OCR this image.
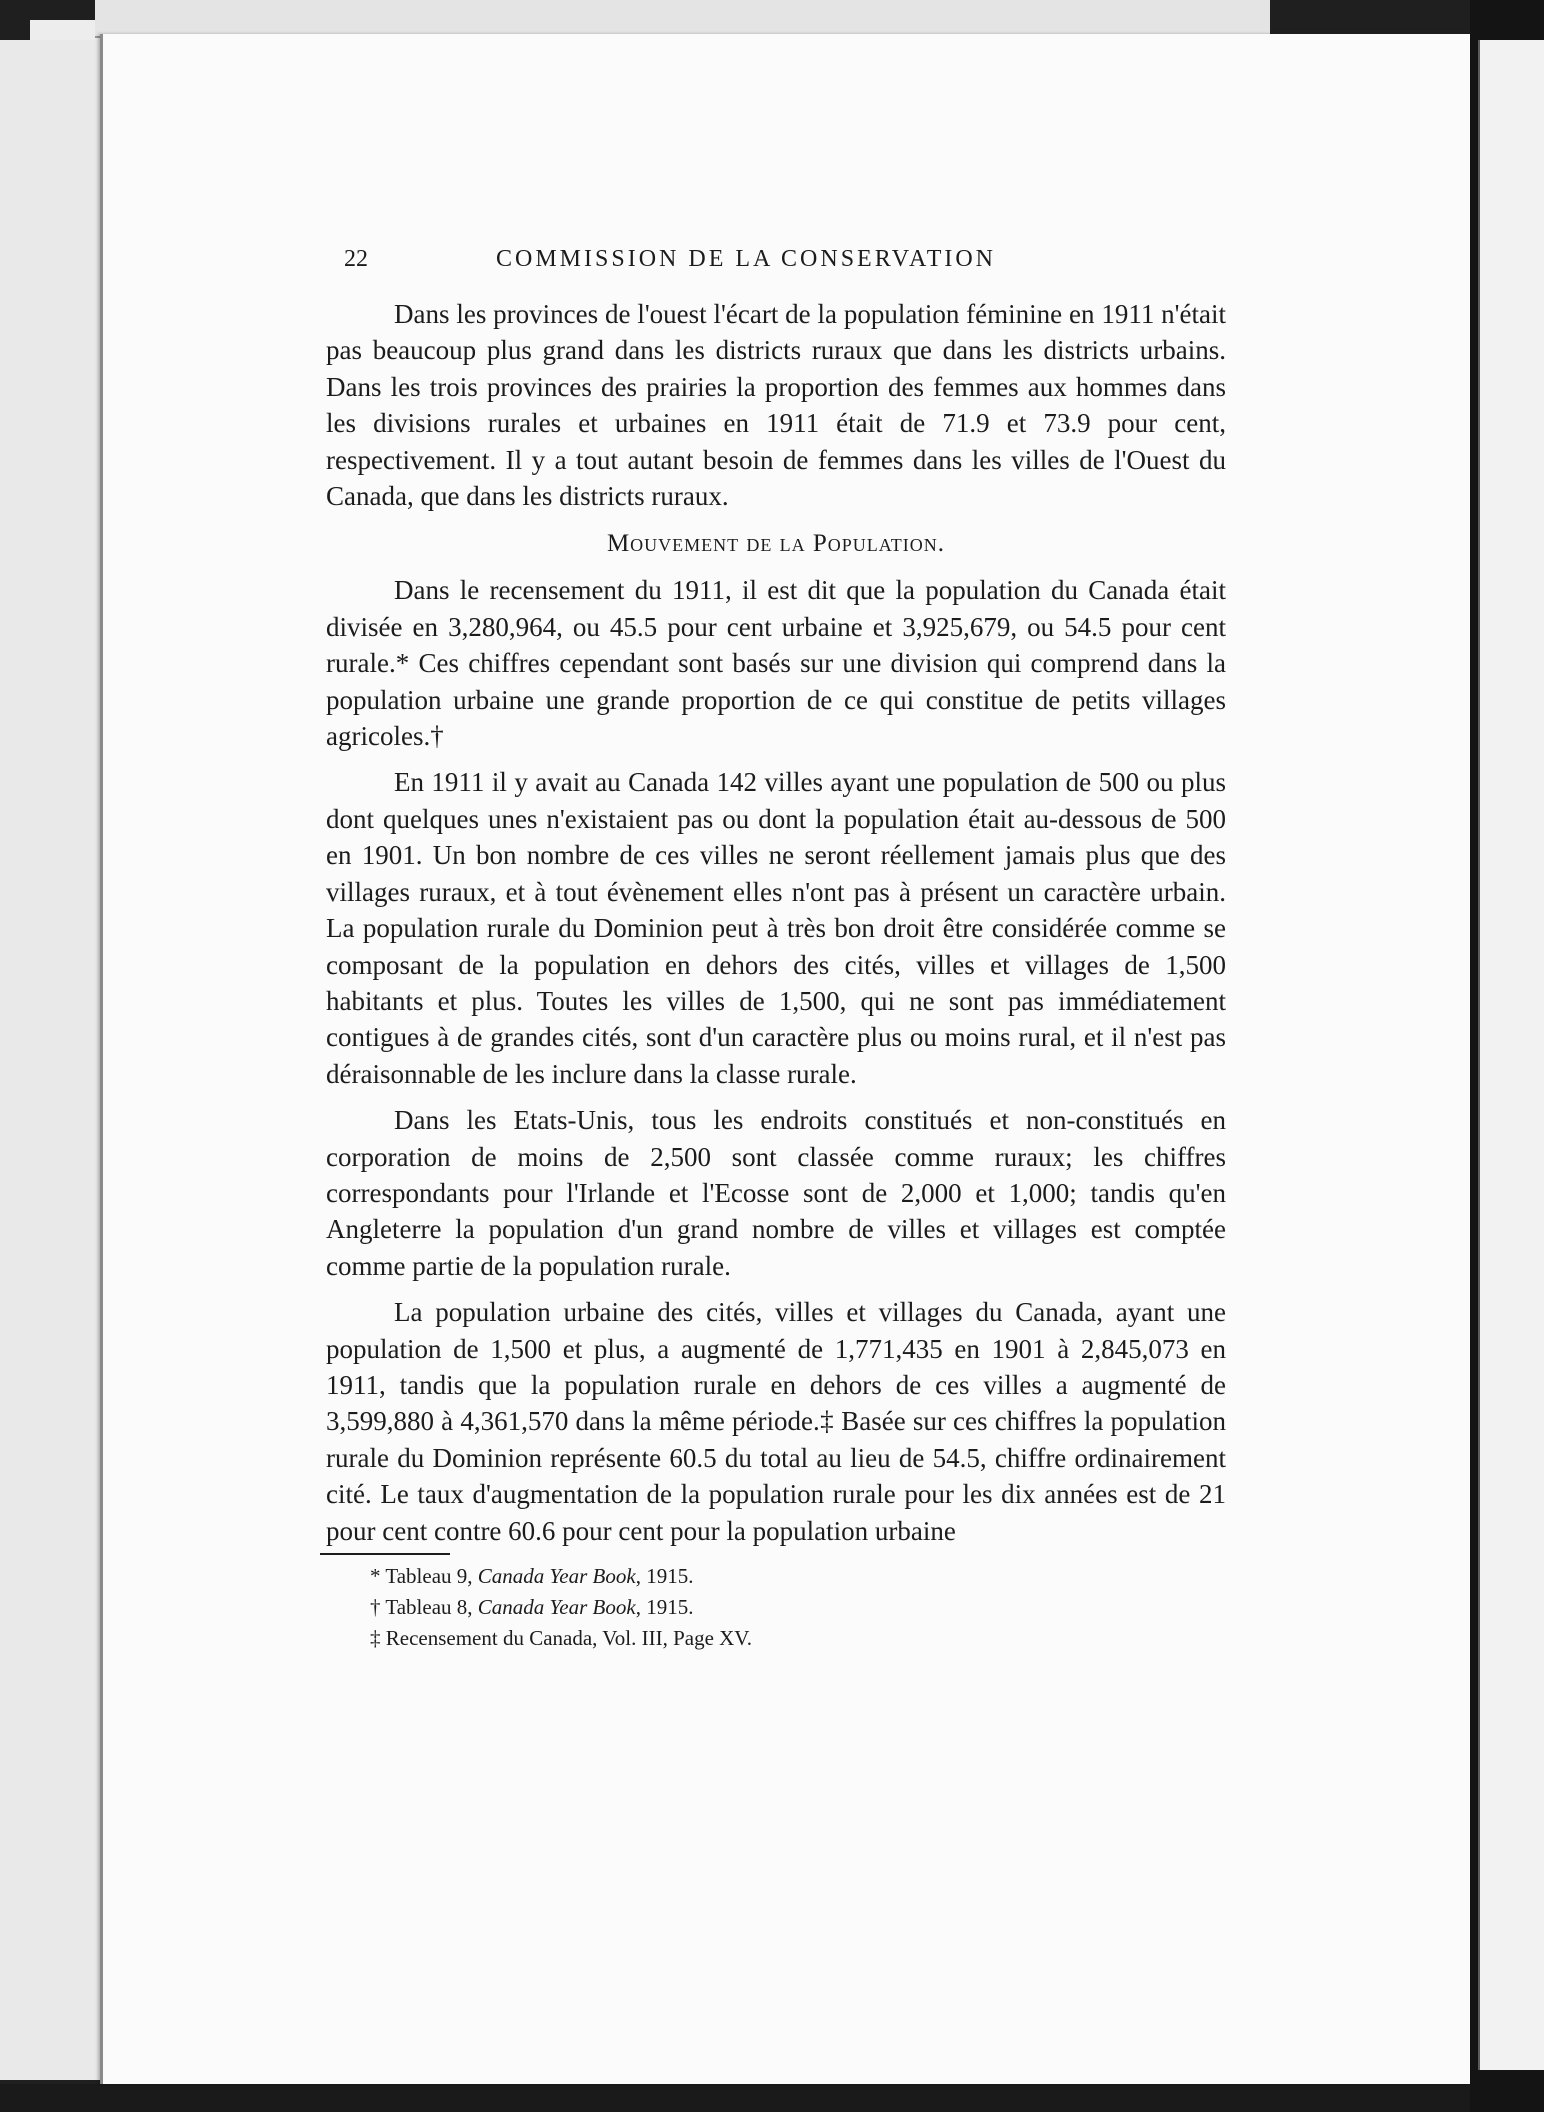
22	COMMISSION DE LA CONSERVATION

Dans les provinces de l'ouest l'écart de la population féminine en 1911 n'était pas beaucoup plus grand dans les districts ruraux que dans les districts urbains. Dans les trois provinces des prairies la proportion des femmes aux hommes dans les divisions rurales et urbaines en 1911 était de 71.9 et 73.9 pour cent, respectivement. Il y a tout autant besoin de femmes dans les villes de l'Ouest du Canada, que dans les districts ruraux.

Mouvement de la Population.

Dans le recensement du 1911, il est dit que la population du Canada était divisée en 3,280,964, ou 45.5 pour cent urbaine et 3,925,679, ou 54.5 pour cent rurale.* Ces chiffres cependant sont basés sur une division qui comprend dans la population urbaine une grande proportion de ce qui constitue de petits villages agricoles.†

En 1911 il y avait au Canada 142 villes ayant une population de 500 ou plus dont quelques unes n'existaient pas ou dont la population était au-dessous de 500 en 1901. Un bon nombre de ces villes ne seront réellement jamais plus que des villages ruraux, et à tout évènement elles n'ont pas à présent un caractère urbain. La population rurale du Dominion peut à très bon droit être considérée comme se composant de la population en dehors des cités, villes et villages de 1,500 habitants et plus. Toutes les villes de 1,500, qui ne sont pas immédiatement contigues à de grandes cités, sont d'un caractère plus ou moins rural, et il n'est pas déraisonnable de les inclure dans la classe rurale.

Dans les Etats-Unis, tous les endroits constitués et non-constitués en corporation de moins de 2,500 sont classée comme ruraux; les chiffres correspondants pour l'Irlande et l'Ecosse sont de 2,000 et 1,000; tandis qu'en Angleterre la population d'un grand nombre de villes et villages est comptée comme partie de la population rurale.

La population urbaine des cités, villes et villages du Canada, ayant une population de 1,500 et plus, a augmenté de 1,771,435 en 1901 à 2,845,073 en 1911, tandis que la population rurale en dehors de ces villes a augmenté de 3,599,880 à 4,361,570 dans la même période.‡ Basée sur ces chiffres la population rurale du Dominion représente 60.5 du total au lieu de 54.5, chiffre ordinairement cité. Le taux d'augmentation de la population rurale pour les dix années est de 21 pour cent contre 60.6 pour cent pour la population urbaine

* Tableau 9, Canada Year Book, 1915.
† Tableau 8, Canada Year Book, 1915.
‡ Recensement du Canada, Vol. III, Page XV.
